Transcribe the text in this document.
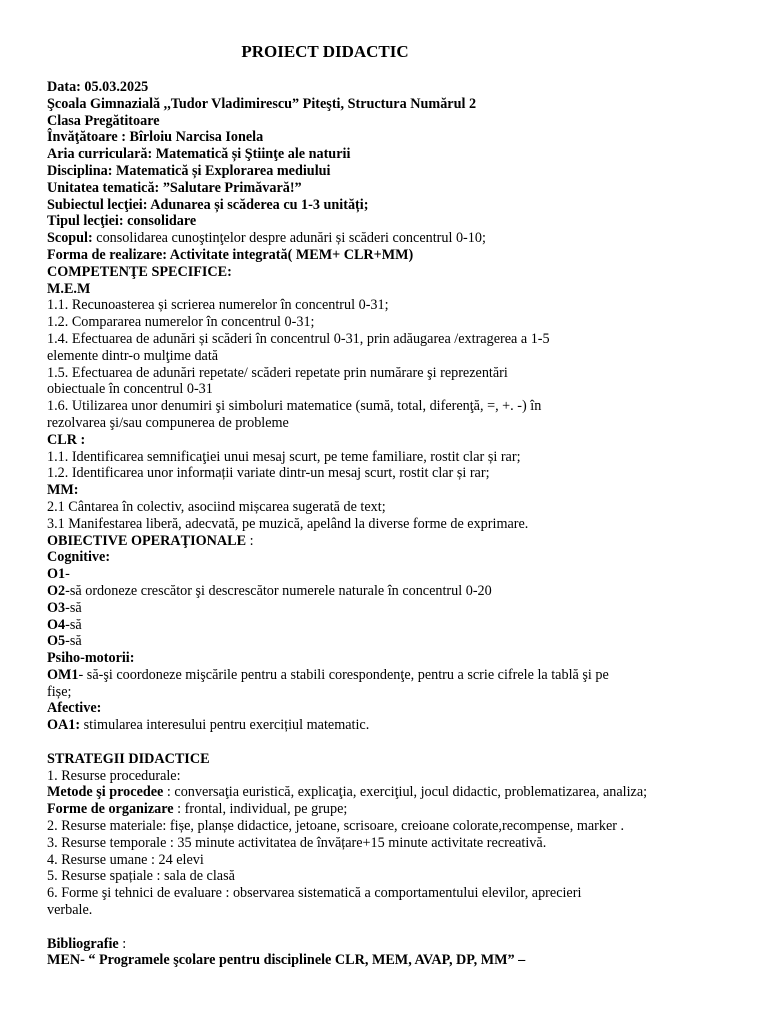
PROIECT DIDACTIC
Data: 05.03.2025
Şcoala Gimnazială ,,Tudor Vladimirescu” Piteşti, Structura Numărul 2
Clasa Pregătitoare
Învăţătoare : Bîrloiu Narcisa Ionela
Aria curriculară: Matematică și Ştiinţe ale naturii
Disciplina: Matematică și Explorarea mediului
Unitatea tematică: ”Salutare Primăvară!”
Subiectul lecţiei: Adunarea și scăderea cu 1-3 unități;
Tipul lecţiei: consolidare
Scopul: consolidarea cunoştinţelor despre adunări și scăderi concentrul 0-10;
Forma de realizare: Activitate integrată( MEM+ CLR+MM)
COMPETENŢE SPECIFICE:
M.E.M
1.1. Recunoasterea și scrierea numerelor în concentrul 0-31;
1.2. Compararea numerelor în concentrul 0-31;
1.4. Efectuarea de adunări și scăderi în concentrul 0-31, prin adăugarea /extragerea a 1-5
elemente dintr-o mulţime dată
1.5. Efectuarea de adunări repetate/ scăderi repetate prin numărare şi reprezentări
obiectuale în concentrul 0-31
1.6. Utilizarea unor denumiri şi simboluri matematice (sumă, total, diferenţă, =, +. -) în
rezolvarea şi/sau compunerea de probleme
CLR :
1.1. Identificarea semnificaţiei unui mesaj scurt, pe teme familiare, rostit clar și rar;
1.2. Identificarea unor informații variate dintr-un mesaj scurt, rostit clar și rar;
MM:
2.1 Cântarea în colectiv, asociind mișcarea sugerată de text;
3.1 Manifestarea liberă, adecvată, pe muzică, apelând la diverse forme de exprimare.
OBIECTIVE OPERAŢIONALE :
Cognitive:
O1-
O2-să ordoneze crescător şi descrescător numerele naturale în concentrul 0-20
O3-să
O4-să
O5-să
Psiho-motorii:
OM1- să-şi coordoneze mişcările pentru a stabili corespondenţe, pentru a scrie cifrele la tablă şi pe
fișe;
Afective:
OA1: stimularea interesului pentru exercițiul matematic.
STRATEGII DIDACTICE
1. Resurse procedurale:
Metode şi procedee : conversaţia euristică, explicaţia, exerciţiul, jocul didactic, problematizarea, analiza;
Forme de organizare : frontal, individual, pe grupe;
2. Resurse materiale: fișe, planșe didactice, jetoane, scrisoare, creioane colorate,recompense, marker .
3. Resurse temporale : 35 minute activitatea de învățare+15 minute activitate recreativă.
4. Resurse umane : 24 elevi
5. Resurse spațiale : sala de clasă
6. Forme şi tehnici de evaluare : observarea sistematică a comportamentului elevilor, aprecieri
verbale.
Bibliografie :
MEN- “ Programele şcolare pentru disciplinele CLR, MEM, AVAP, DP, MM” –
